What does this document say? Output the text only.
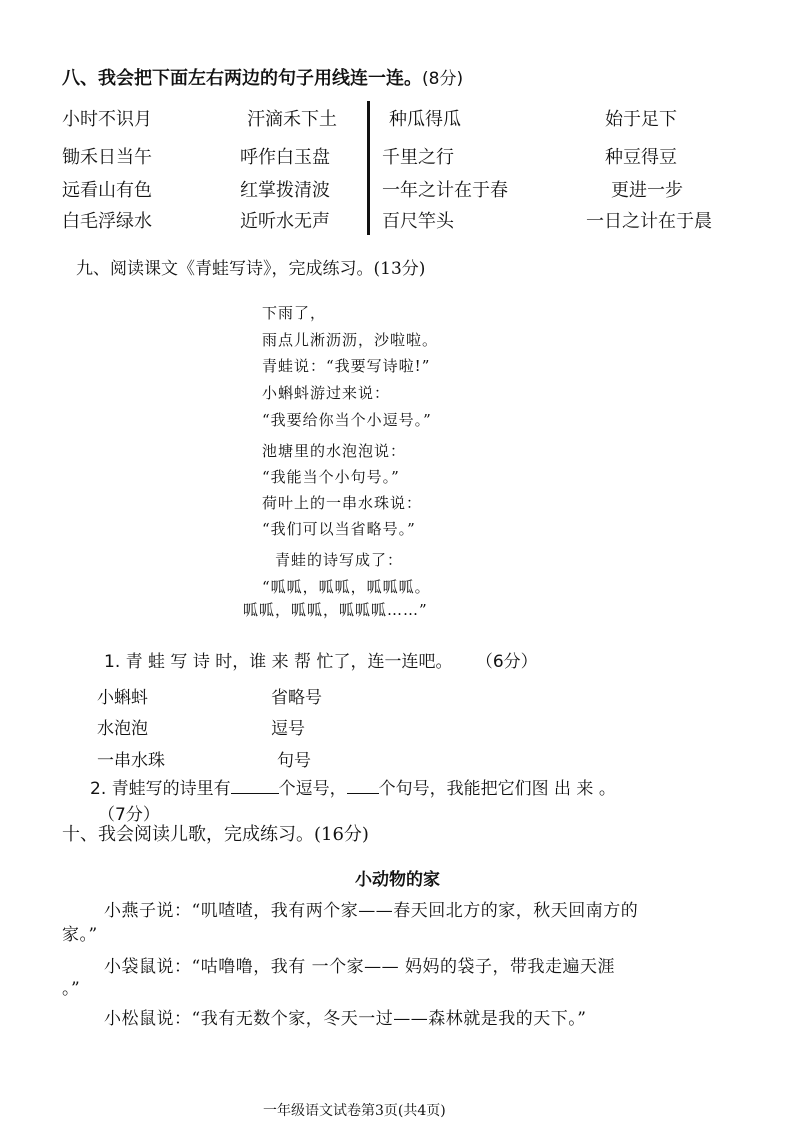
八、我会把下面左右两边的句子用线连一连。(8分)
小时不识月
锄禾日当午
远看山有色
白毛浮绿水
汗滴禾下土
呼作白玉盘
红掌拨清波
近听水无声
种瓜得瓜
千里之行
一年之计在于春
百尺竿头
始于足下
种豆得豆
更进一步
一日之计在于晨
九、阅读课文《青蛙写诗》，完成练习。(13分)
下雨了，
雨点儿淅沥沥，沙啦啦。
青蛙说：“我要写诗啦!”
小蝌蚪游过来说：
“我要给你当个小逗号。”
池塘里的水泡泡说：
“我能当个小句号。”
荷叶上的一串水珠说：
“我们可以当省略号。”
青蛙的诗写成了：
“呱呱，呱呱，呱呱呱。
呱呱，呱呱，呱呱呱……”
1. 青 蛙 写 诗 时，谁 来 帮 忙了，连一连吧。 （6分）
小蝌蚪
水泡泡
一串水珠
省略号
逗号
句号
2. 青蛙写的诗里有	个逗号， 个句号，我能把它们图 出 来 。
（7分）
十、我会阅读儿歌，完成练习。(16分)
小动物的家
小燕子说：“叽喳喳，我有两个家——春天回北方的家，秋天回南方的
家。”
小袋鼠说：“咕噜噜，我有 一个家—— 妈妈的袋子，带我走遍天涯
。”
小松鼠说：“我有无数个家，冬天一过——森林就是我的天下。”
一年级语文试卷第3页(共4页)
